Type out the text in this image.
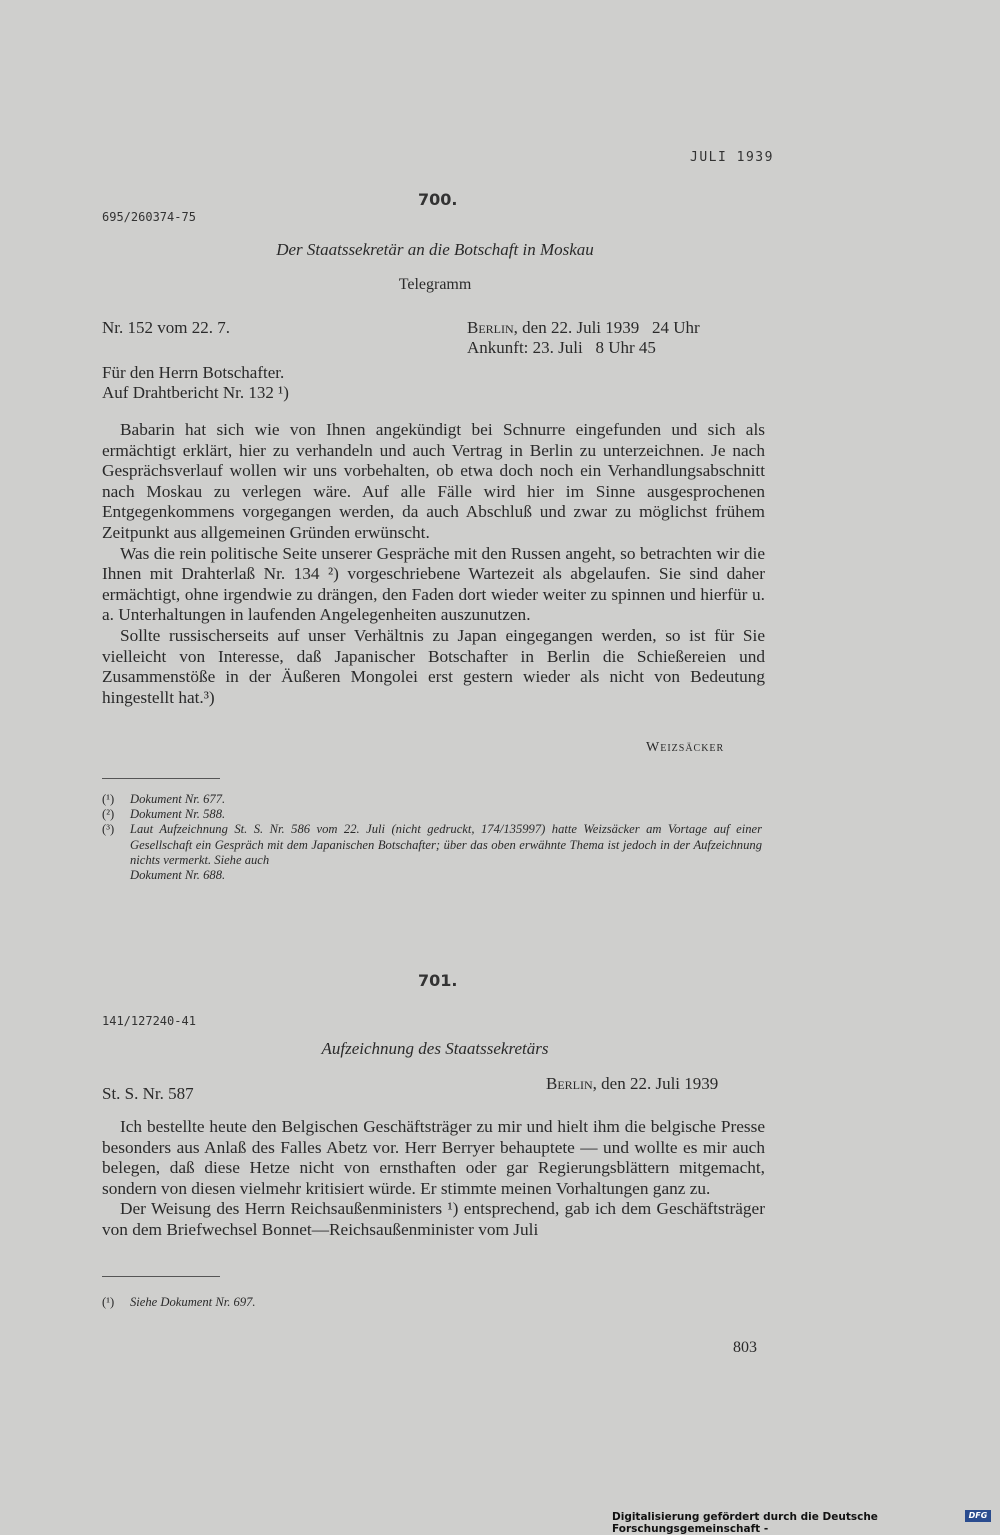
JULI 1939
700.
695/260374-75
Der Staatssekretär an die Botschaft in Moskau
Telegramm
Nr. 152 vom 22. 7.	Berlin, den 22. Juli 1939   24 Uhr
Ankunft: 23. Juli   8 Uhr 45
Für den Herrn Botschafter.
Auf Drahtbericht Nr. 132 ¹)

Babarin hat sich wie von Ihnen angekündigt bei Schnurre eingefunden und sich als ermächtigt erklärt, hier zu verhandeln und auch Vertrag in Berlin zu unterzeichnen. Je nach Gesprächsverlauf wollen wir uns vorbehalten, ob etwa doch noch ein Verhandlungsabschnitt nach Moskau zu verlegen wäre. Auf alle Fälle wird hier im Sinne ausgesprochenen Entgegenkommens vorgegangen werden, da auch Abschluß und zwar zu möglichst frühem Zeitpunkt aus allgemeinen Gründen erwünscht.

Was die rein politische Seite unserer Gespräche mit den Russen angeht, so betrachten wir die Ihnen mit Drahterlaß Nr. 134 ²) vorgeschriebene Wartezeit als abgelaufen. Sie sind daher ermächtigt, ohne irgendwie zu drängen, den Faden dort wieder weiter zu spinnen und hierfür u. a. Unterhaltungen in laufenden Angelegenheiten auszunutzen.

Sollte russischerseits auf unser Verhältnis zu Japan eingegangen werden, so ist für Sie vielleicht von Interesse, daß Japanischer Botschafter in Berlin die Schießereien und Zusammenstöße in der Äußeren Mongolei erst gestern wieder als nicht von Bedeutung hingestellt hat.³)

Weizsäcker
(¹)	Dokument Nr. 677.
(²)	Dokument Nr. 588.
(³)	Laut Aufzeichnung St. S. Nr. 586 vom 22. Juli (nicht gedruckt, 174/135997) hatte Weizsäcker am Vortage auf einer Gesellschaft ein Gespräch mit dem Japanischen Botschafter; über das oben erwähnte Thema ist jedoch in der Aufzeichnung nichts vermerkt. Siehe auch
Dokument Nr. 688.
701.
141/127240-41
Aufzeichnung des Staatssekretärs
St. S. Nr. 587
Berlin, den 22. Juli 1939

Ich bestellte heute den Belgischen Geschäftsträger zu mir und hielt ihm die belgische Presse besonders aus Anlaß des Falles Abetz vor. Herr Berryer behauptete — und wollte es mir auch belegen, daß diese Hetze nicht von ernsthaften oder gar Regierungsblättern mitgemacht, sondern von diesen vielmehr kritisiert würde. Er stimmte meinen Vorhaltungen ganz zu.

Der Weisung des Herrn Reichsaußenministers ¹) entsprechend, gab ich dem Geschäftsträger von dem Briefwechsel Bonnet—Reichsaußenminister vom Juli

(¹)	Siehe Dokument Nr. 697.
803
Digitalisierung gefördert durch die Deutsche Forschungsgemeinschaft -
DFG
